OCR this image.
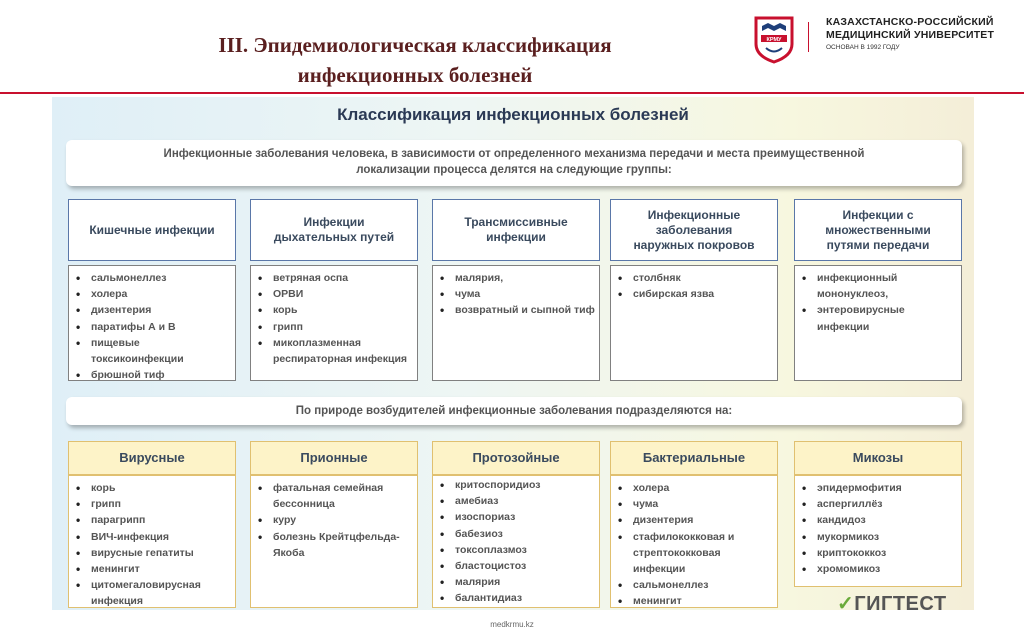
III. Эпидемиологическая классификация
инфекционных болезней
КРМУ
КАЗАХСТАНСКО-РОССИЙСКИЙ
МЕДИЦИНСКИЙ УНИВЕРСИТЕТ
ОСНОВАН В 1992 ГОДУ
Классификация инфекционных болезней
Инфекционные заболевания человека, в зависимости от определенного механизма передачи и места преимущественной
локализации процесса делятся на следующие группы:
Кишечные инфекции
• сальмонеллез
• холера
• дизентерия
• паратифы А и В
• пищевые токсикоинфекции
• брюшной тиф
Инфекции
дыхательных путей
• ветряная оспа
• ОРВИ
• корь
• грипп
• микоплазменная респираторная инфекция
Трансмиссивные
инфекции
• малярия,
• чума
• возвратный и сыпной тиф
Инфекционные
заболевания
наружных покровов
• столбняк
• сибирская язва
Инфекции с
множественными
путями передачи
• инфекционный мононуклеоз,
• энтеровирусные инфекции
По природе возбудителей инфекционные заболевания подразделяются на:
Вирусные
• корь
• грипп
• парагрипп
• ВИЧ-инфекция
• вирусные гепатиты
• менингит
• цитомегаловирусная инфекция
Прионные
• фатальная семейная бессонница
• куру
• болезнь Крейтцфельда-Якоба
Протозойные
• критоспоридиоз
• амебиаз
• изоспориаз
• бабезиоз
• токсоплазмоз
• бластоцистоз
• малярия
• балантидиаз
Бактериальные
• холера
• чума
• дизентерия
• стафилококковая и стрептококковая инфекции
• сальмонеллез
• менингит
Микозы
• эпидермофития
• аспергиллёз
• кандидоз
• мукормикоз
• криптококкоз
• хромомикоз
✓ГИГТЕСТ
medkrmu.kz
